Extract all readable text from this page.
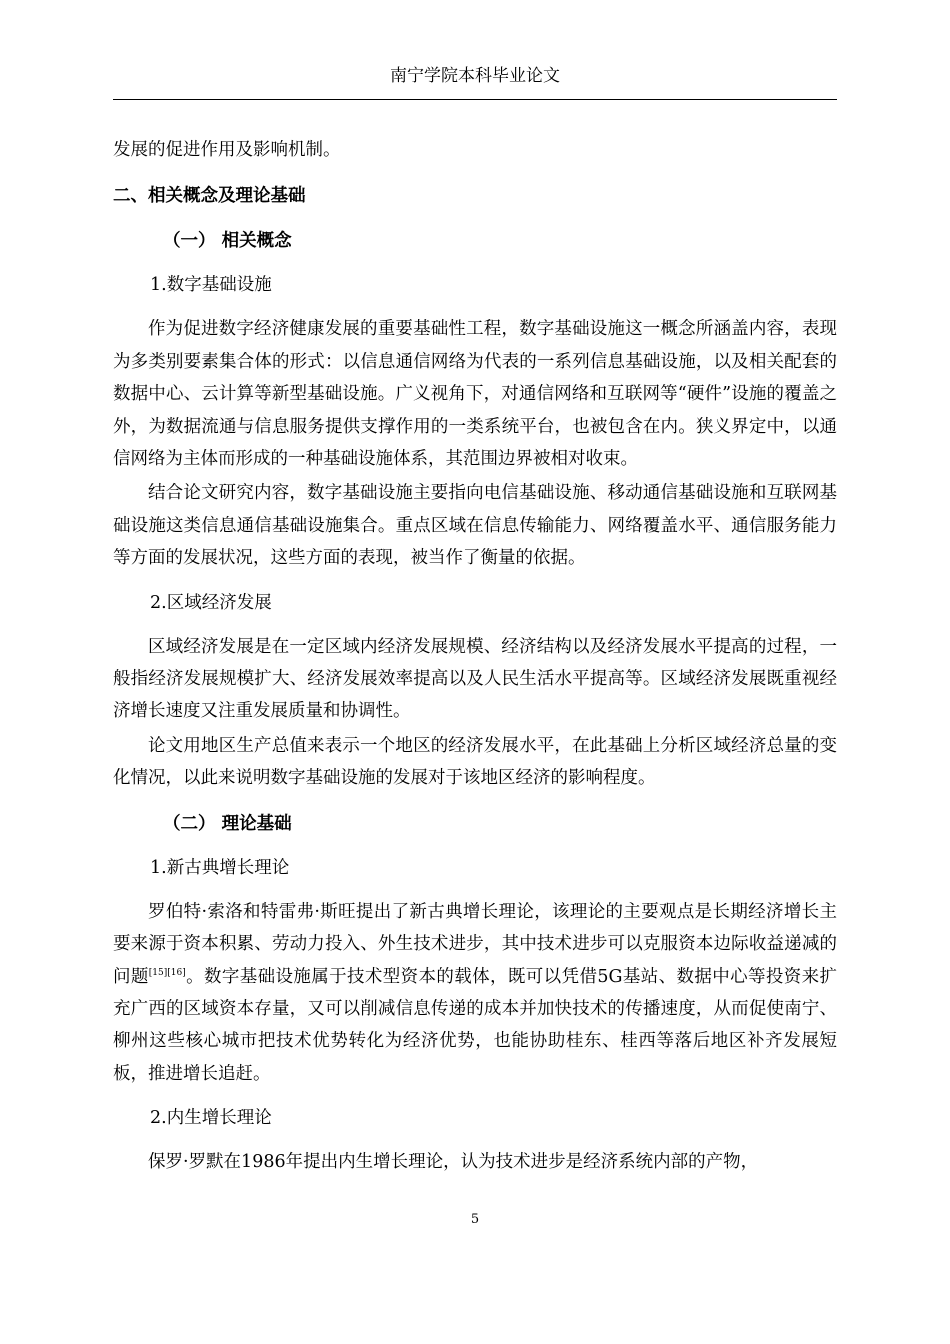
南宁学院本科毕业论文

发展的促进作用及影响机制。

二、相关概念及理论基础

（一） 相关概念

1.数字基础设施

作为促进数字经济健康发展的重要基础性工程，数字基础设施这一概念所涵盖内容，表现为多类别要素集合体的形式：以信息通信网络为代表的一系列信息基础设施，以及相关配套的数据中心、云计算等新型基础设施。广义视角下，对通信网络和互联网等“硬件”设施的覆盖之外，为数据流通与信息服务提供支撑作用的一类系统平台，也被包含在内。狭义界定中，以通信网络为主体而形成的一种基础设施体系，其范围边界被相对收束。

结合论文研究内容，数字基础设施主要指向电信基础设施、移动通信基础设施和互联网基础设施这类信息通信基础设施集合。重点区域在信息传输能力、网络覆盖水平、通信服务能力等方面的发展状况，这些方面的表现，被当作了衡量的依据。

2.区域经济发展

区域经济发展是在一定区域内经济发展规模、经济结构以及经济发展水平提高的过程，一般指经济发展规模扩大、经济发展效率提高以及人民生活水平提高等。区域经济发展既重视经济增长速度又注重发展质量和协调性。

论文用地区生产总值来表示一个地区的经济发展水平，在此基础上分析区域经济总量的变化情况，以此来说明数字基础设施的发展对于该地区经济的影响程度。

（二） 理论基础

1.新古典增长理论

罗伯特·索洛和特雷弗·斯旺提出了新古典增长理论，该理论的主要观点是长期经济增长主要来源于资本积累、劳动力投入、外生技术进步，其中技术进步可以克服资本边际收益递减的问题[15][16]。数字基础设施属于技术型资本的载体，既可以凭借5G基站、数据中心等投资来扩充广西的区域资本存量，又可以削减信息传递的成本并加快技术的传播速度，从而促使南宁、柳州这些核心城市把技术优势转化为经济优势，也能协助桂东、桂西等落后地区补齐发展短板，推进增长追赶。

2.内生增长理论

保罗·罗默在1986年提出内生增长理论，认为技术进步是经济系统内部的产物，

5
